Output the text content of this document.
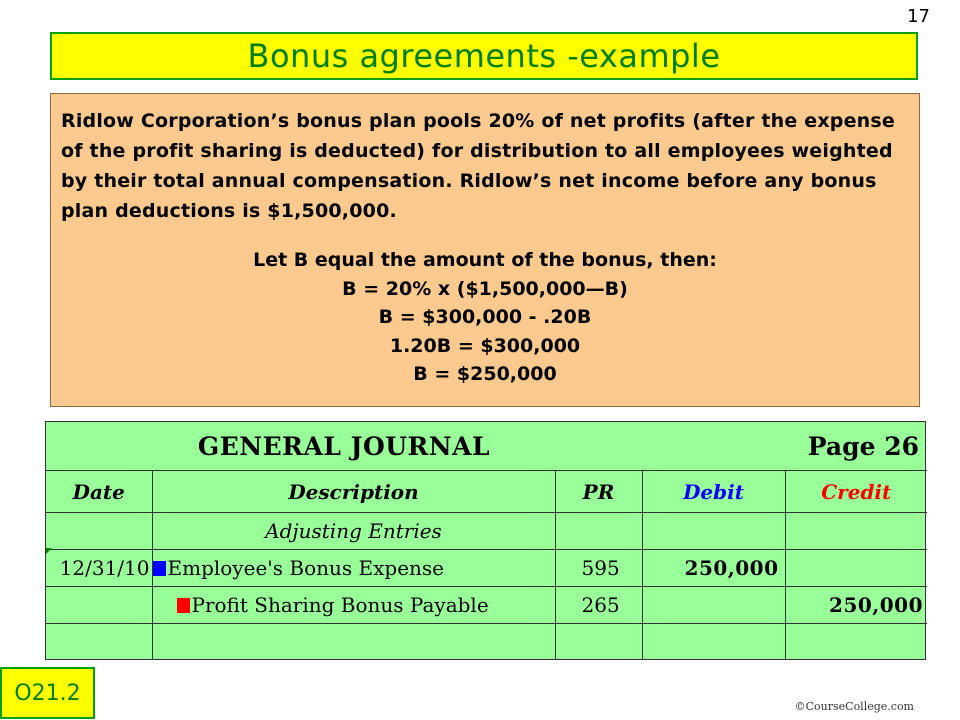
17
Bonus agreements -example

Ridlow Corporation’s bonus plan pools 20% of net profits (after the expense of the profit sharing is deducted) for distribution to all employees weighted by their total annual compensation. Ridlow’s net income before any bonus plan deductions is $1,500,000.

Let B equal the amount of the bonus, then:
B = 20% x ($1,500,000—B)
B = $300,000 - .20B
1.20B = $300,000
B = $250,000
GENERAL JOURNAL			Page 26	
Date	Description	PR	Debit	Credit
	Adjusting Entries			
12/31/10	Employee's Bonus Expense	595	250,000	
	Profit Sharing Bonus Payable	265		250,000

O21.2
©CourseCollege.com
